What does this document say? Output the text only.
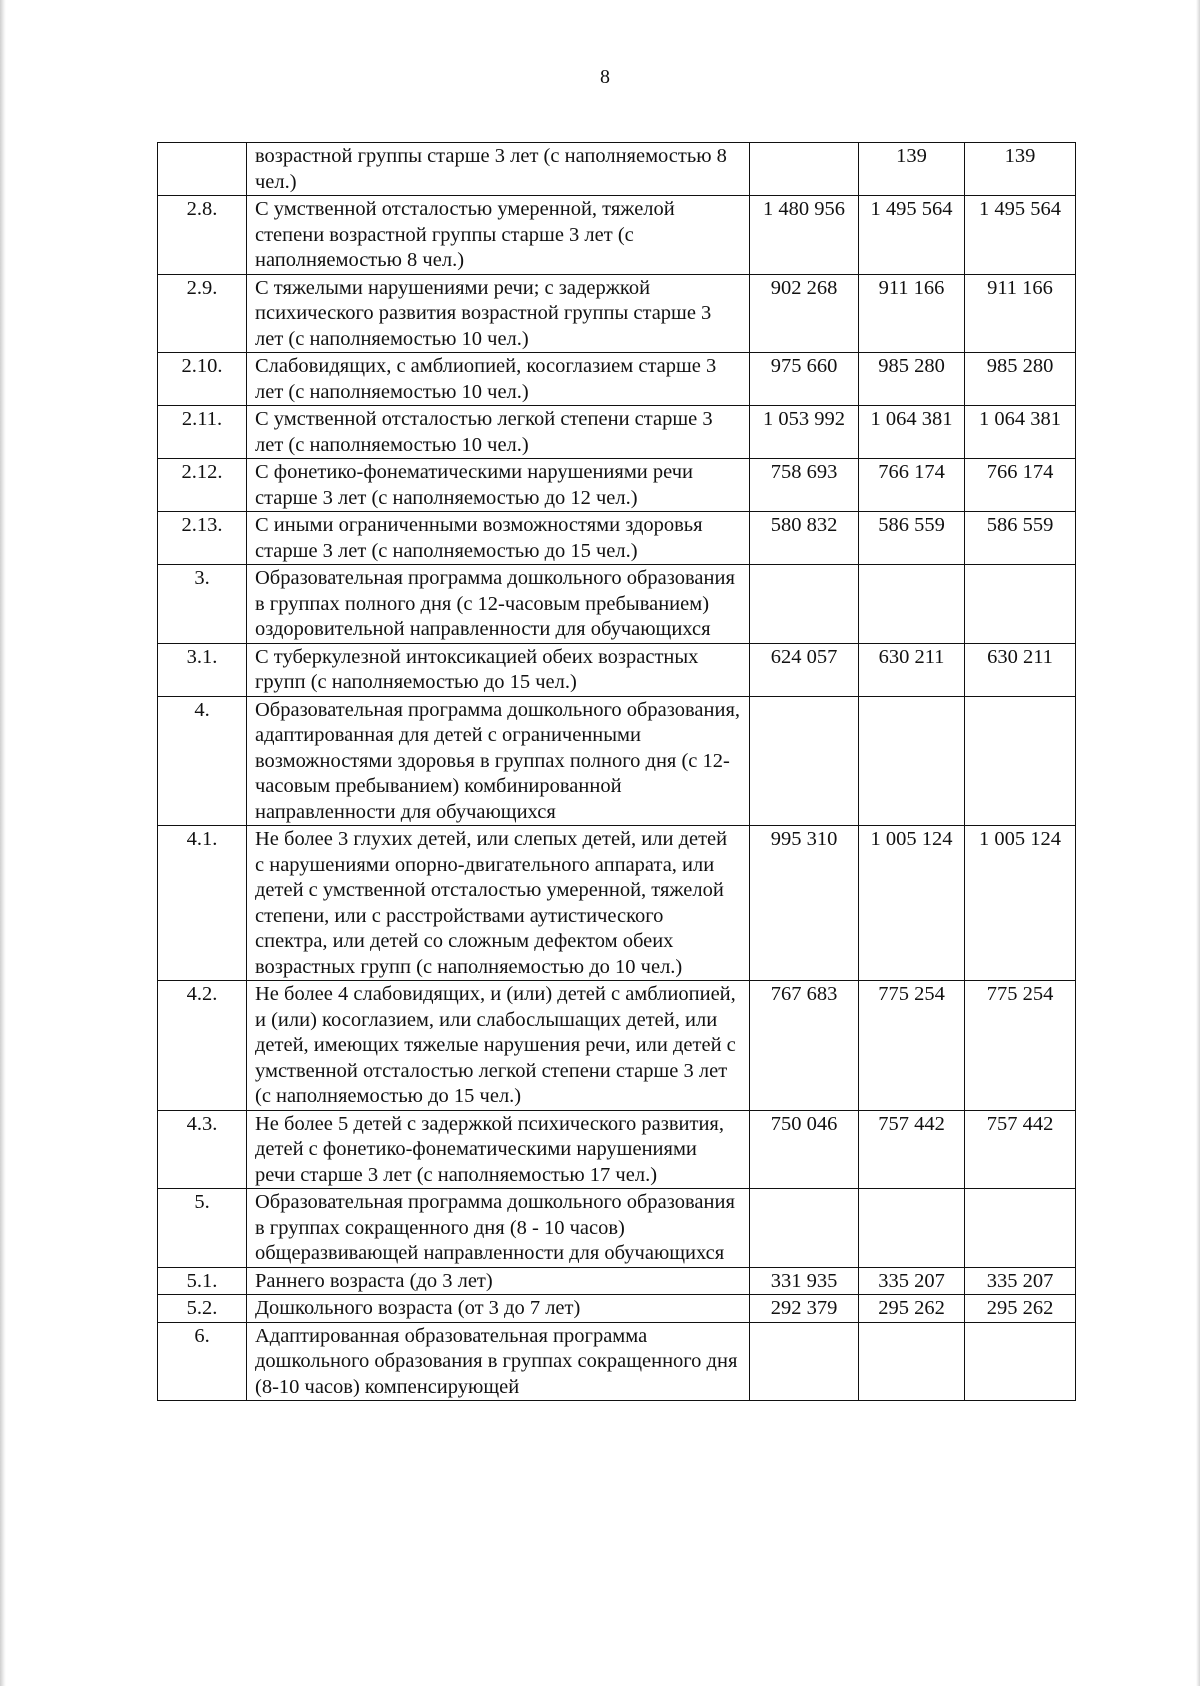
8
	возрастной группы старше 3 лет (с наполняемостью 8 чел.)		139	139
2.8.	С умственной отсталостью умеренной, тяжелой степени возрастной группы старше 3 лет (с наполняемостью 8 чел.)	1 480 956	1 495 564	1 495 564
2.9.	С тяжелыми нарушениями речи; с задержкой психического развития возрастной группы старше 3 лет (с наполняемостью 10 чел.)	902 268	911 166	911 166
2.10.	Слабовидящих, с амблиопией, косоглазием старше 3 лет (с наполняемостью 10 чел.)	975 660	985 280	985 280
2.11.	С умственной отсталостью легкой степени старше 3 лет (с наполняемостью 10 чел.)	1 053 992	1 064 381	1 064 381
2.12.	С фонетико-фонематическими нарушениями речи старше 3 лет (с наполняемостью до 12 чел.)	758 693	766 174	766 174
2.13.	С иными ограниченными возможностями здоровья старше 3 лет (с наполняемостью до 15 чел.)	580 832	586 559	586 559
3.	Образовательная программа дошкольного образования в группах полного дня (с 12-часовым пребыванием) оздоровительной направленности для обучающихся			
3.1.	С туберкулезной интоксикацией обеих возрастных групп (с наполняемостью до 15 чел.)	624 057	630 211	630 211
4.	Образовательная программа дошкольного образования, адаптированная для детей с ограниченными возможностями здоровья в группах полного дня (с 12-часовым пребыванием) комбинированной направленности для обучающихся			
4.1.	Не более 3 глухих детей, или слепых детей, или детей с нарушениями опорно-двигательного аппарата, или детей с умственной отсталостью умеренной, тяжелой степени, или с расстройствами аутистического спектра, или детей со сложным дефектом обеих возрастных групп (с наполняемостью до 10 чел.)	995 310	1 005 124	1 005 124
4.2.	Не более 4 слабовидящих, и (или) детей с амблиопией, и (или) косоглазием, или слабослышащих детей, или детей, имеющих тяжелые нарушения речи, или детей с умственной отсталостью легкой степени старше 3 лет (с наполняемостью до 15 чел.)	767 683	775 254	775 254
4.3.	Не более 5 детей с задержкой психического развития, детей с фонетико-фонематическими нарушениями речи старше 3 лет (с наполняемостью 17 чел.)	750 046	757 442	757 442
5.	Образовательная программа дошкольного образования в группах сокращенного дня (8 - 10 часов) общеразвивающей направленности для обучающихся			
5.1.	Раннего возраста (до 3 лет)	331 935	335 207	335 207
5.2.	Дошкольного возраста (от 3 до 7 лет)	292 379	295 262	295 262
6.	Адаптированная образовательная программа дошкольного образования в группах сокращенного дня (8-10 часов) компенсирующей			
